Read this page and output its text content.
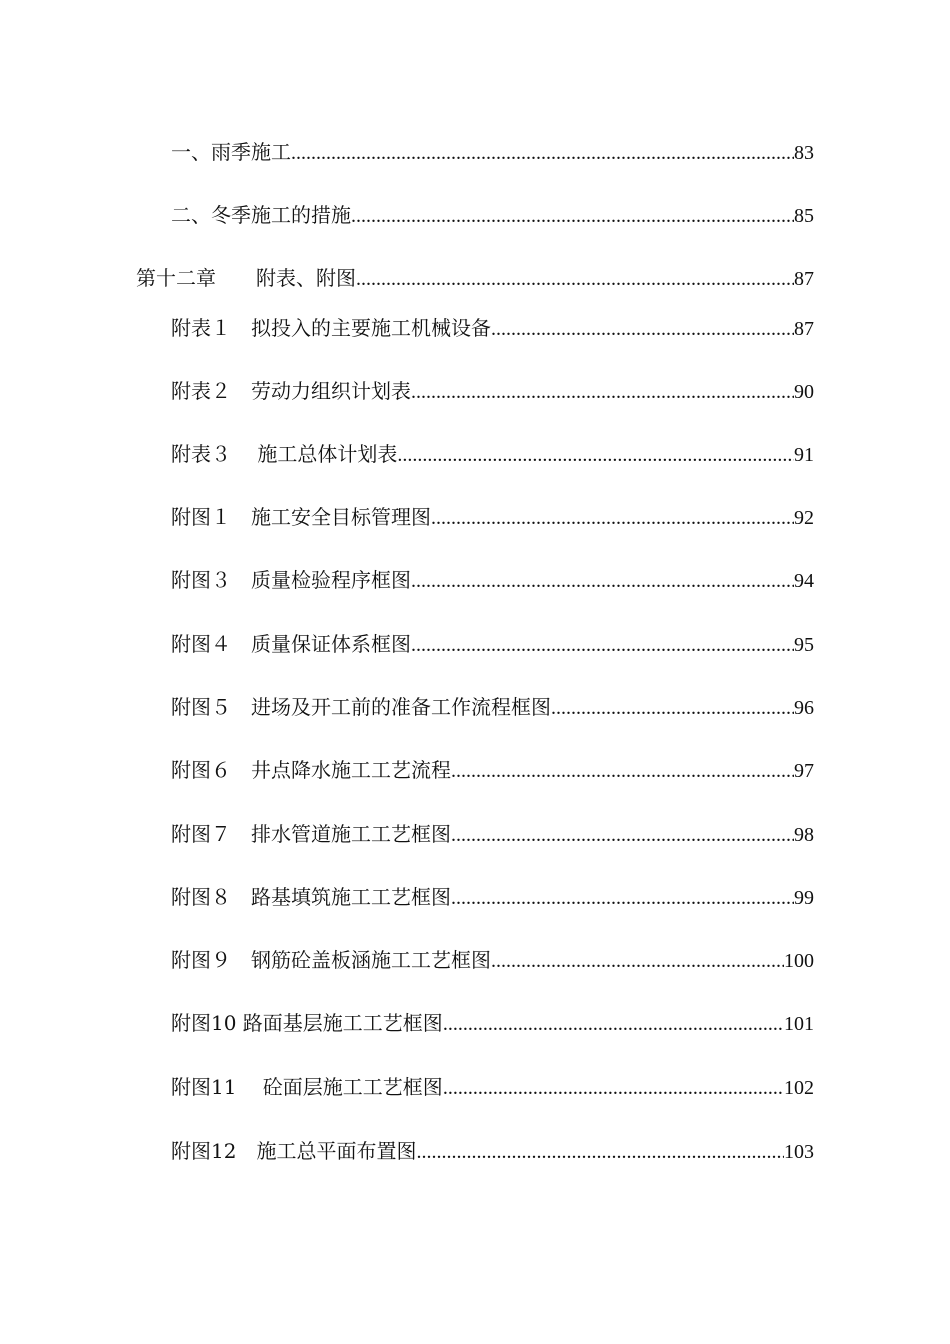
一、雨季施工 .....	83
二、冬季施工的措施 .....	85
第十二章　　附表、附图 .....	87
附表１　拟投入的主要施工机械设备 .....	87
附表２　劳动力组织计划表 .....	90
附表３　 施工总体计划表 .....	91
附图１　施工安全目标管理图 .....	92
附图３　质量检验程序框图 .....	94
附图４　质量保证体系框图 .....	95
附图５　进场及开工前的准备工作流程框图 .....	96
附图６　井点降水施工工艺流程 .....	97
附图７　排水管道施工工艺框图 .....	98
附图８　路基填筑施工工艺框图 .....	99
附图９　钢筋砼盖板涵施工工艺框图 .....	100
附图10 路面基层施工工艺框图 .....	101
附图11　 砼面层施工工艺框图 .....	102
附图12　施工总平面布置图 .....	103
